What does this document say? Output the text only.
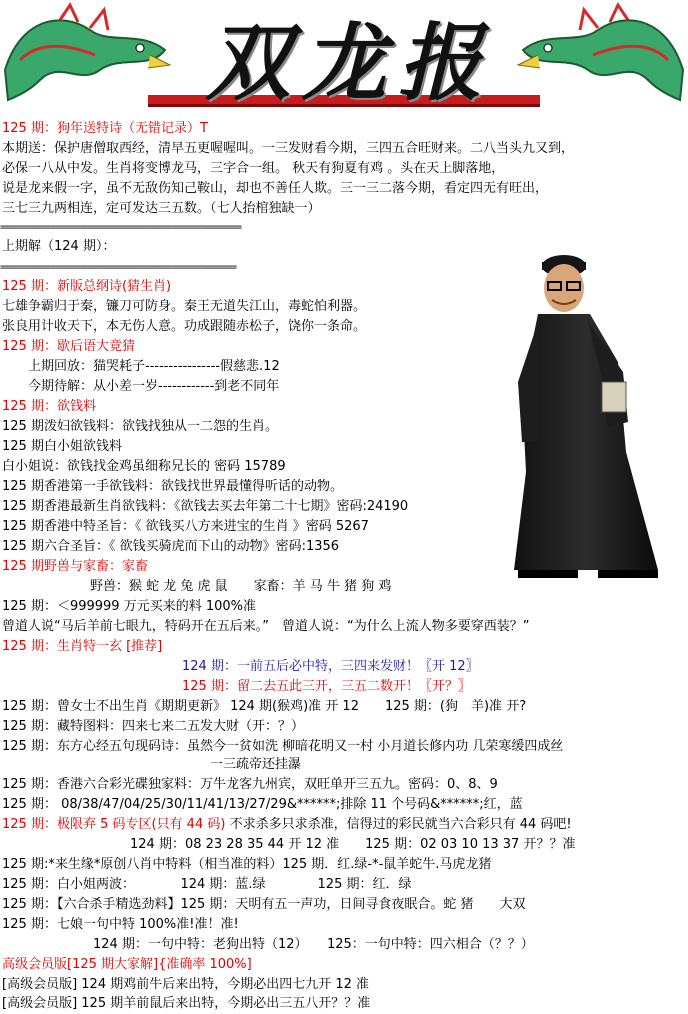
双龙报
125 期：狗年送特诗（无错记录）T
本期送：保护唐僧取西经，清早五更喔喔叫。一三发财看今期，三四五合旺财来。二八当头九又到，
必保一八从中发。生肖将变博龙马，三字合一组。 秋天有狗夏有鸡 。头在天上脚落地，
说是龙来假一字，虽不无敌伤知己鞍山，却也不善任人欺。三一三二落今期，看定四无有旺出，
三七三九两相连，定可发达三五数。（七人抬棺独缺一）
================================================
上期解（124 期）：
===============================================
125 期：新版总纲诗(猜生肖)
七雄争霸归于秦，镰刀可防身。秦王无道失江山，毒蛇怕利器。
张良用计收天下，本无伤人意。功成跟随赤松子，饶你一条命。
125 期：歇后语大竟猜
上期回放：猫哭耗子----------------假慈悲.12
今期待解：从小差一岁------------到老不同年
125 期：欲钱料
125 期泼妇欲钱料：欲钱找独从一二怨的生肖。
125 期白小姐欲钱料
白小姐说：欲钱找金鸡虽细称兄长的 密码 15789
125 期香港第一手欲钱料：欲钱找世界最懂得听话的动物。
125 期香港最新生肖欲钱料：《欲钱去买去年第二十七期》密码:24190
125 期香港中特圣旨：《 欲钱买八方来进宝的生肖 》密码 5267
125 期六合圣旨：《 欲钱买骑虎而下山的动物》密码:1356
125 期野兽与家畜：家畜
野兽：猴 蛇 龙 兔 虎 鼠　　家畜：羊 马 牛 猪 狗 鸡
125 期：＜999999 万元买来的料 100%准
曾道人说“马后羊前七眼九，特码开在五后来。”　曾道人说：“为什么上流人物多要穿西装？”
125 期：生肖特一玄 [推荐]
124 期：一前五后必中特，三四来发财！〖开 12〗
125 期：留二去五此三开，三五二数开！〖开？〗
125 期：曾女士不出生肖《期期更新》 124 期(猴鸡)准 开 12　　125 期：(狗　羊)准 开?
125 期：藏特图料：四来七来二五发大财（开：？）
125 期：东方心经五句现码诗：虽然今一贫如洗 柳暗花明又一村 小月道长修内功 几荣寒缓四成丝
　　　　　　　　　　　　　　　　一三疏帝还挂瀑
125 期：香港六合彩光碟独家料：万牛龙客九州宾，双旺单开三五九。密码：0、8、9
125 期： 08/38/47/04/25/30/11/41/13/27/29&******;排除 11 个号码&******;红，蓝
125 期：极限弃 5 码专区(只有 44 码) 不求杀多只求杀准，信得过的彩民就当六合彩只有 44 码吧!
124 期：08 23 28 35 44 开 12 准　　125 期：02 03 10 13 37 开？？准
125 期:*来生缘*原创八肖中特料（相当准的料）125 期．红.绿-*-鼠羊蛇牛.马虎龙猪
125 期：白小姐两波：　　　　124 期：蓝.绿　　　　125 期：红．绿
125 期：【六合杀手精选劲料】125 期：天明有五一声功，日间寻食夜眠合。蛇 猪　　大双
125 期：七娘一句中特 100%准!准！准!
　　　　　　　124 期：一句中特：老狗出特（12）　　125：一句中特：四六相合（？？）
高级会员版[125 期大家解]{准确率 100%]
[高级会员版] 124 期鸡前牛后来出特，今期必出四七九开 12 准
[高级会员版] 125 期羊前鼠后来出特，今期必出三五八开？？准
